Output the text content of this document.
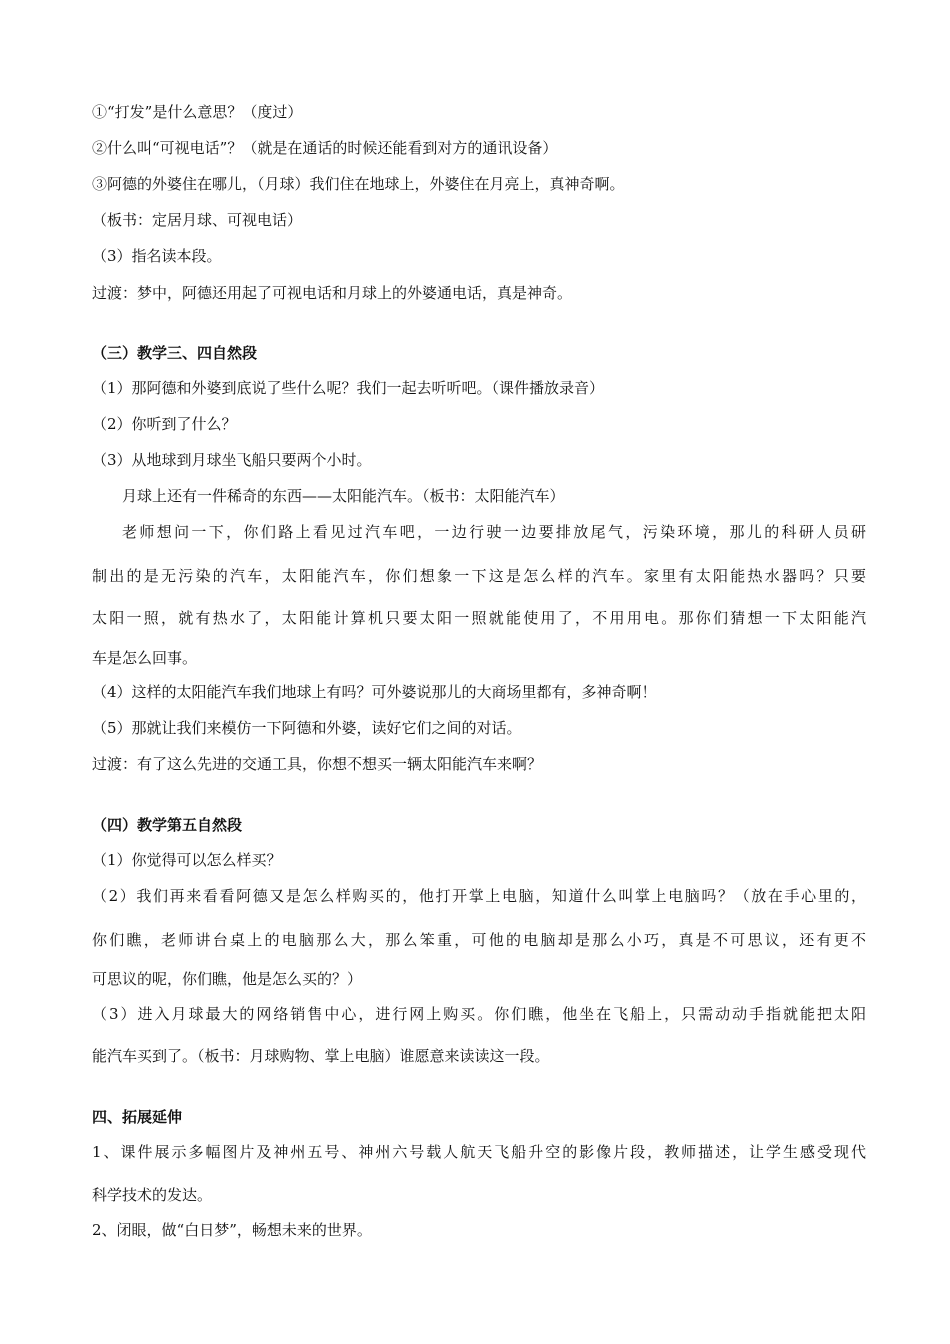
①“打发”是什么意思？（度过）
②什么叫“可视电话”？（就是在通话的时候还能看到对方的通讯设备）
③阿德的外婆住在哪儿，（月球）我们住在地球上，外婆住在月亮上，真神奇啊。
（板书：定居月球、可视电话）
（3）指名读本段。
过渡：梦中，阿德还用起了可视电话和月球上的外婆通电话，真是神奇。
（三）教学三、四自然段
（1）那阿德和外婆到底说了些什么呢？我们一起去听听吧。（课件播放录音）
（2）你听到了什么？
（3）从地球到月球坐飞船只要两个小时。
月球上还有一件稀奇的东西——太阳能汽车。（板书：太阳能汽车）
老师想问一下，你们路上看见过汽车吧，一边行驶一边要排放尾气，污染环境，那儿的科研人员研
制出的是无污染的汽车，太阳能汽车，你们想象一下这是怎么样的汽车。家里有太阳能热水器吗？只要
太阳一照，就有热水了，太阳能计算机只要太阳一照就能使用了，不用用电。那你们猜想一下太阳能汽
车是怎么回事。
（4）这样的太阳能汽车我们地球上有吗？可外婆说那儿的大商场里都有，多神奇啊！
（5）那就让我们来模仿一下阿德和外婆，读好它们之间的对话。
过渡：有了这么先进的交通工具，你想不想买一辆太阳能汽车来啊？
（四）教学第五自然段
（1）你觉得可以怎么样买？
（2）我们再来看看阿德又是怎么样购买的，他打开掌上电脑，知道什么叫掌上电脑吗？（放在手心里的，
你们瞧，老师讲台桌上的电脑那么大，那么笨重，可他的电脑却是那么小巧，真是不可思议，还有更不
可思议的呢，你们瞧，他是怎么买的？）
（3）进入月球最大的网络销售中心，进行网上购买。你们瞧，他坐在飞船上，只需动动手指就能把太阳
能汽车买到了。（板书：月球购物、掌上电脑）谁愿意来读读这一段。
四、拓展延伸
1、课件展示多幅图片及神州五号、神州六号载人航天飞船升空的影像片段，教师描述，让学生感受现代
科学技术的发达。
2、闭眼，做“白日梦”，畅想未来的世界。
